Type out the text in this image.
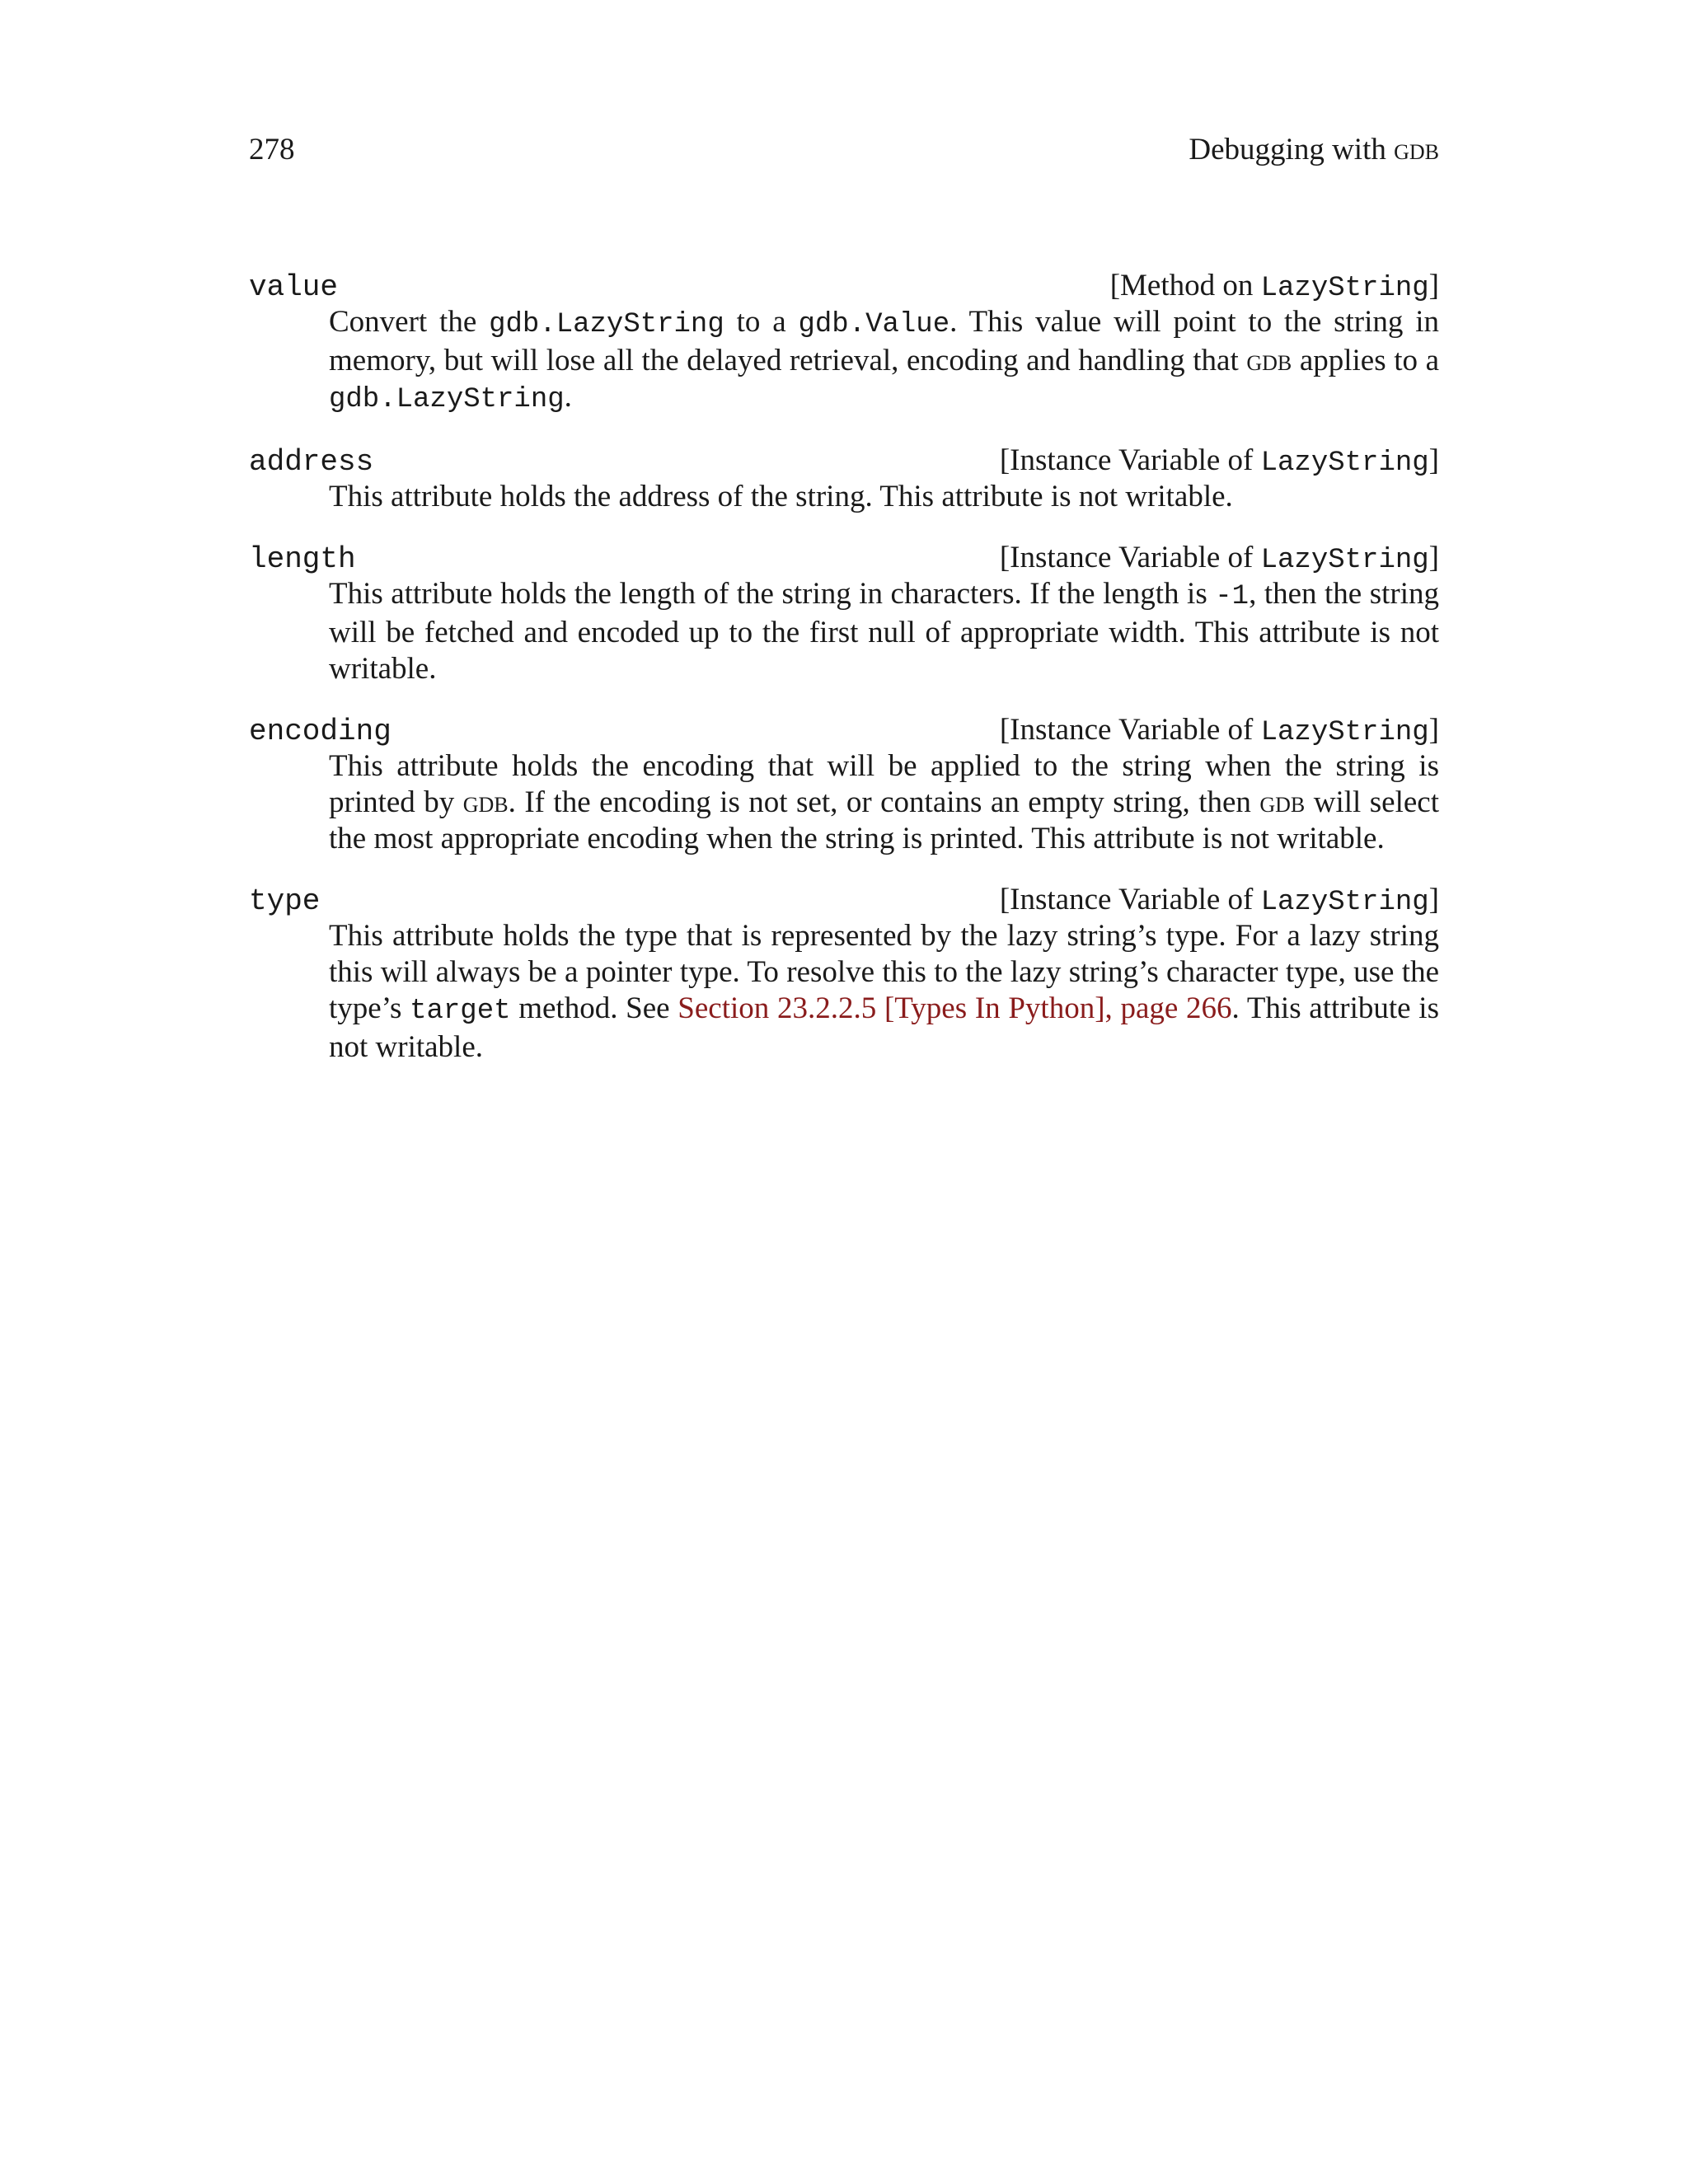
278	Debugging with gdb
value	[Method on LazyString]
Convert the gdb.LazyString to a gdb.Value. This value will point to the string in memory, but will lose all the delayed retrieval, encoding and handling that gdb applies to a gdb.LazyString.
address	[Instance Variable of LazyString]
This attribute holds the address of the string. This attribute is not writable.
length	[Instance Variable of LazyString]
This attribute holds the length of the string in characters. If the length is -1, then the string will be fetched and encoded up to the first null of appropriate width. This attribute is not writable.
encoding	[Instance Variable of LazyString]
This attribute holds the encoding that will be applied to the string when the string is printed by gdb. If the encoding is not set, or contains an empty string, then gdb will select the most appropriate encoding when the string is printed. This attribute is not writable.
type	[Instance Variable of LazyString]
This attribute holds the type that is represented by the lazy string’s type. For a lazy string this will always be a pointer type. To resolve this to the lazy string’s character type, use the type’s target method. See Section 23.2.2.5 [Types In Python], page 266. This attribute is not writable.
